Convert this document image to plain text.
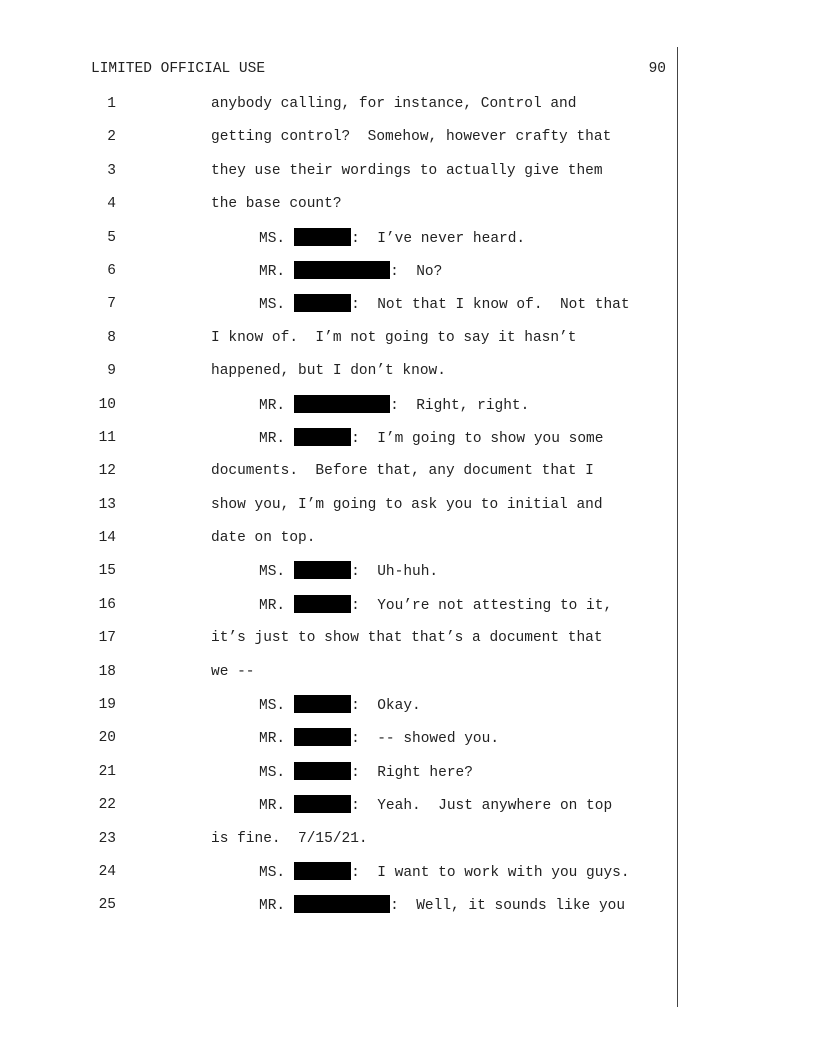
LIMITED OFFICIAL USE	90
1	anybody calling, for instance, Control and
2	getting control?  Somehow, however crafty that
3	they use their wordings to actually give them
4	the base count?
5	MS.	:  I’ve never heard.
6	MR.	:  No?
7	MS.	:  Not that I know of.  Not that
8	I know of.  I’m not going to say it hasn’t
9	happened, but I don’t know.
10	MR.	:  Right, right.
11	MR.	:  I’m going to show you some
12	documents.  Before that, any document that I
13	show you, I’m going to ask you to initial and
14	date on top.
15	MS.	:  Uh-huh.
16	MR.	:  You’re not attesting to it,
17	it’s just to show that that’s a document that
18	we --
19	MS.	:  Okay.
20	MR.	:  -- showed you.
21	MS.	:  Right here?
22	MR.	:  Yeah.  Just anywhere on top
23	is fine.  7/15/21.
24	MS.	:  I want to work with you guys.
25	MR.	:  Well, it sounds like you
